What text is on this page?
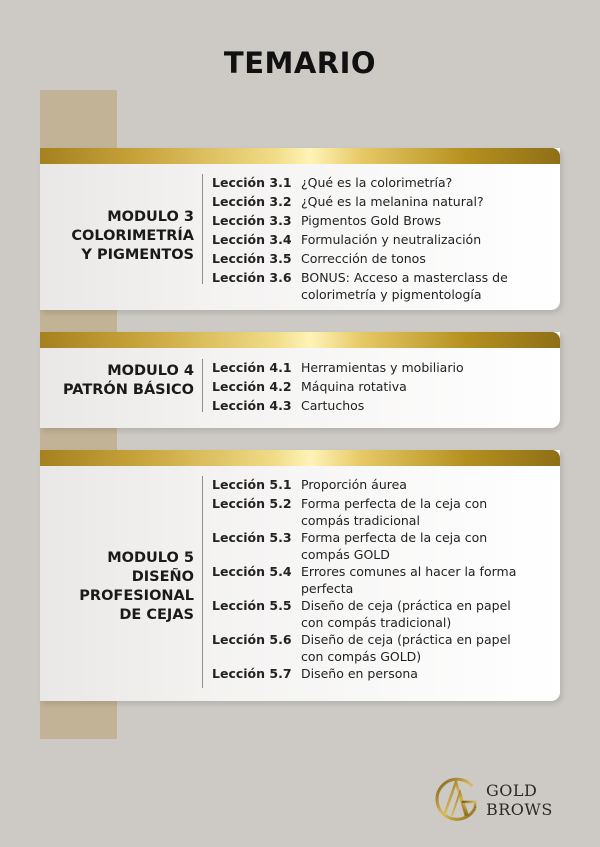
TEMARIO
MODULO 3
COLORIMETRÍA
Y PIGMENTOS
Lección 3.1 ¿Qué es la colorimetría?
Lección 3.2 ¿Qué es la melanina natural?
Lección 3.3 Pigmentos Gold Brows
Lección 3.4 Formulación y neutralización
Lección 3.5 Corrección de tonos
Lección 3.6 BONUS: Acceso a masterclass de colorimetría y pigmentología
MODULO 4
PATRÓN BÁSICO
Lección 4.1 Herramientas y mobiliario
Lección 4.2 Máquina rotativa
Lección 4.3 Cartuchos
MODULO 5
DISEÑO
PROFESIONAL
DE CEJAS
Lección 5.1 Proporción áurea
Lección 5.2 Forma perfecta de la ceja con compás tradicional
Lección 5.3 Forma perfecta de la ceja con compás GOLD
Lección 5.4 Errores comunes al hacer la forma perfecta
Lección 5.5 Diseño de ceja (práctica en papel con compás tradicional)
Lección 5.6 Diseño de ceja (práctica en papel con compás GOLD)
Lección 5.7 Diseño en persona
GOLD
BROWS
